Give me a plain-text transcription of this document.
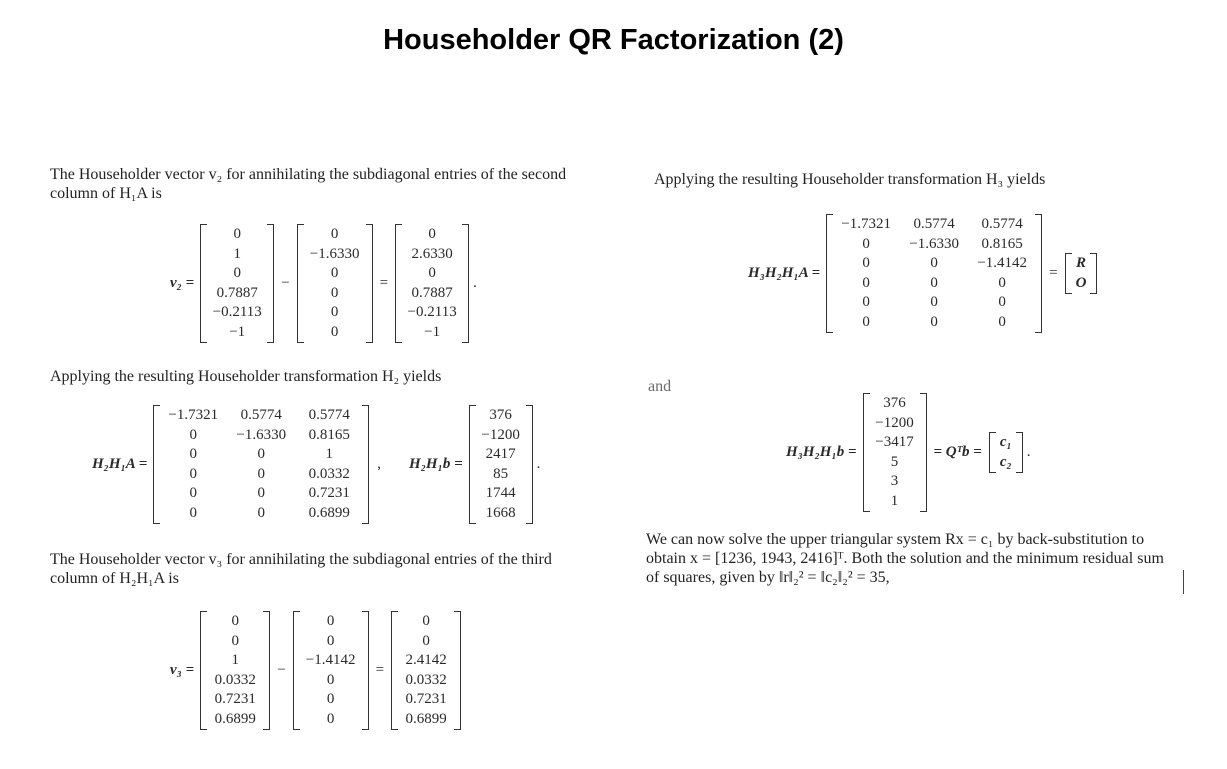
Householder QR Factorization (2)
The Householder vector v₂ for annihilating the subdiagonal entries of the second
column of H₁A is
v₂ =
0
1
0
0.7887
−0.2113
−1
−
0
−1.6330
0
0
0
0
=
0
2.6330
0
0.7887
−0.2113
−1
.
Applying the resulting Householder transformation H₂ yields
H₂H₁A =
−1.7321	0.5774	0.5774
0	−1.6330	0.8165
0	0	1
0	0	0.0332
0	0	0.7231
0	0	0.6899
, H₂H₁b =
376
−1200
2417
85
1744
1668
.
The Householder vector v₃ for annihilating the subdiagonal entries of the third
column of H₂H₁A is
v₃ =
0
0
1
0.0332
0.7231
0.6899
−
0
0
−1.4142
0
0
0
=
0
0
2.4142
0.0332
0.7231
0.6899
Applying the resulting Householder transformation H₃ yields
H₃H₂H₁A =
−1.7321	0.5774	0.5774
0	−1.6330	0.8165
0	0	−1.4142
0	0	0
0	0	0
0	0	0
=
R
O
and
H₃H₂H₁b =
376
−1200
−3417
5
3
1
= Qᵀb =
c₁
c₂
.
We can now solve the upper triangular system Rx = c₁ by back-substitution to
obtain x = [1236, 1943, 2416]ᵀ. Both the solution and the minimum residual sum
of squares, given by ‖r‖₂² = ‖c₂‖₂² = 35,
